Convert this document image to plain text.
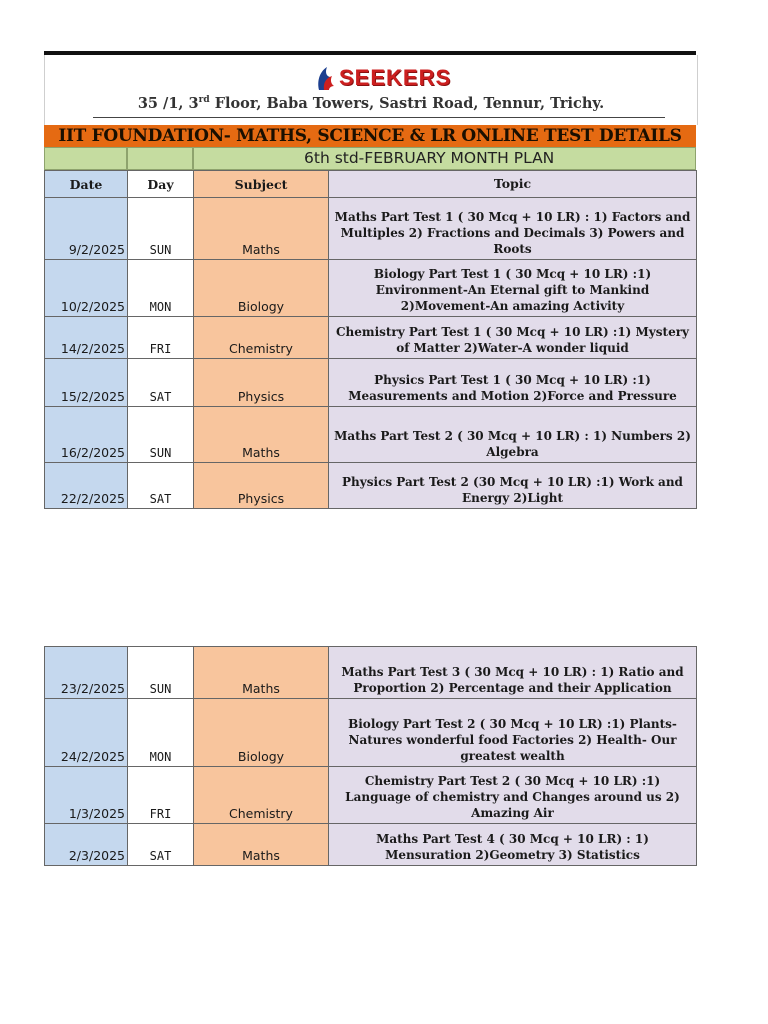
SEEKERS
35 /1, 3rd Floor, Baba Towers, Sastri Road, Tennur, Trichy.
IIT FOUNDATION- MATHS, SCIENCE & LR ONLINE TEST DETAILS
6th std-FEBRUARY MONTH PLAN
Date	Day	Subject	Topic
9/2/2025	SUN	Maths	Maths Part Test 1 ( 30 Mcq + 10 LR) : 1) Factors and Multiples 2) Fractions and Decimals 3) Powers and Roots
10/2/2025	MON	Biology	Biology Part Test 1 ( 30 Mcq + 10 LR) :1) Environment-An Eternal gift to Mankind 2)Movement-An amazing Activity
14/2/2025	FRI	Chemistry	Chemistry Part Test 1 ( 30 Mcq + 10 LR) :1) Mystery of Matter 2)Water-A wonder liquid
15/2/2025	SAT	Physics	Physics Part Test 1 ( 30 Mcq + 10 LR) :1) Measurements and Motion 2)Force and Pressure
16/2/2025	SUN	Maths	Maths Part Test 2 ( 30 Mcq + 10 LR) : 1) Numbers 2) Algebra
22/2/2025	SAT	Physics	Physics Part Test 2 (30 Mcq + 10 LR) :1) Work and Energy 2)Light
23/2/2025	SUN	Maths	Maths Part Test 3 ( 30 Mcq + 10 LR) : 1) Ratio and Proportion 2) Percentage and their Application
24/2/2025	MON	Biology	Biology Part Test 2 ( 30 Mcq + 10 LR) :1) Plants- Natures wonderful food Factories 2) Health- Our greatest wealth
1/3/2025	FRI	Chemistry	Chemistry Part Test 2 ( 30 Mcq + 10 LR) :1) Language of chemistry and Changes around us 2) Amazing Air
2/3/2025	SAT	Maths	Maths Part Test 4 ( 30 Mcq + 10 LR) : 1) Mensuration 2)Geometry 3) Statistics
